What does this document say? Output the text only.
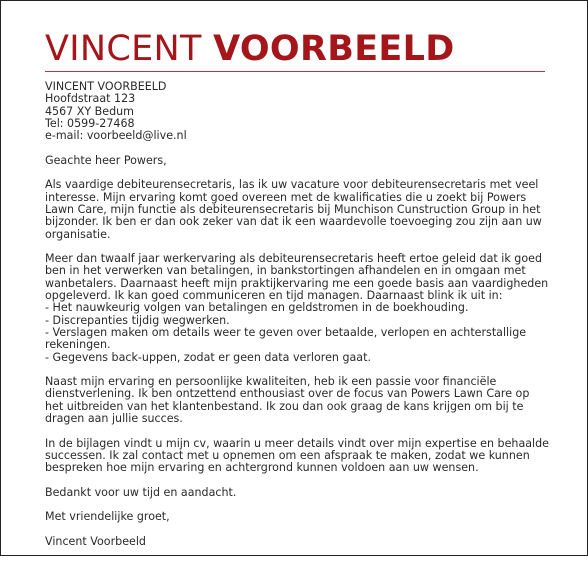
VINCENT VOORBEELD
VINCENT VOORBEELD
Hoofdstraat 123
4567 XY Bedum
Tel: 0599-27468
e-mail: voorbeeld@live.nl

Geachte heer Powers,

Als vaardige debiteurensecretaris, las ik uw vacature voor debiteurensecretaris met veel interesse. Mijn ervaring komt goed overeen met de kwalificaties die u zoekt bij Powers Lawn Care, mijn functie als debiteurensecretaris bij Munchison Cunstruction Group in het bijzonder. Ik ben er dan ook zeker van dat ik een waardevolle toevoeging zou zijn aan uw organisatie.

Meer dan twaalf jaar werkervaring als debiteurensecretaris heeft ertoe geleid dat ik goed ben in het verwerken van betalingen, in bankstortingen afhandelen en in omgaan met wanbetalers. Daarnaast heeft mijn praktijkervaring me een goede basis aan vaardigheden opgeleverd. Ik kan goed communiceren en tijd managen. Daarnaast blink ik uit in:
- Het nauwkeurig volgen van betalingen en geldstromen in de boekhouding.
- Discrepanties tijdig wegwerken.
- Verslagen maken om details weer te geven over betaalde, verlopen en achterstallige rekeningen.
- Gegevens back-uppen, zodat er geen data verloren gaat.

Naast mijn ervaring en persoonlijke kwaliteiten, heb ik een passie voor financiële dienstverlening. Ik ben ontzettend enthousiast over de focus van Powers Lawn Care op het uitbreiden van het klantenbestand. Ik zou dan ook graag de kans krijgen om bij te dragen aan jullie succes.

In de bijlagen vindt u mijn cv, waarin u meer details vindt over mijn expertise en behaalde successen. Ik zal contact met u opnemen om een afspraak te maken, zodat we kunnen bespreken hoe mijn ervaring en achtergrond kunnen voldoen aan uw wensen.

Bedankt voor uw tijd en aandacht.

Met vriendelijke groet,

Vincent Voorbeeld
